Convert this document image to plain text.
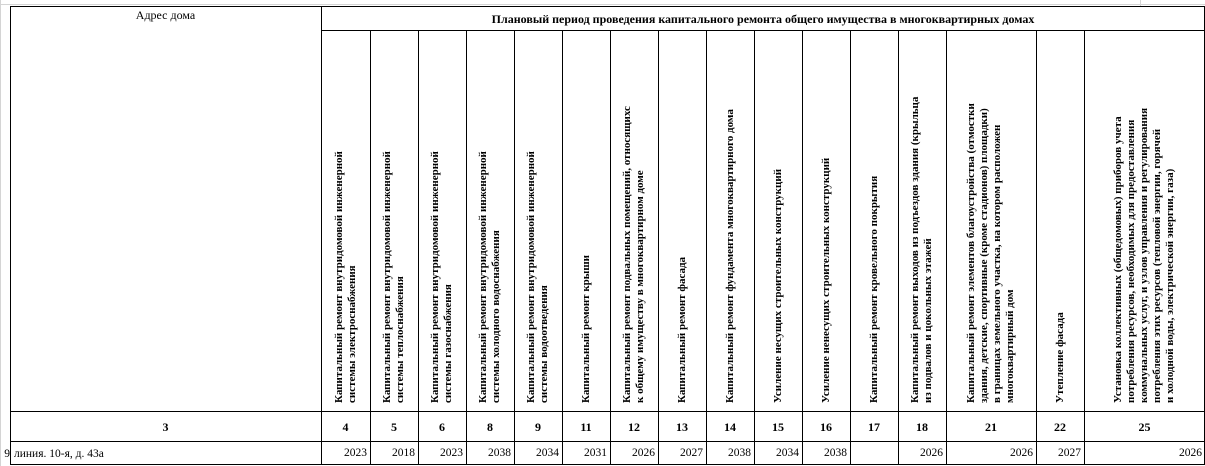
Адрес дома	Плановый период проведения капитального ремонта общего имущества в многоквартирных домах
3
9 линия. 10-я, д. 43а
Капитальный ремонт внутридомовой инженерной системы электроснабжения
4
2023
Капитальный ремонт внутридомовой инженерной системы теплоснабжения
5
2018
Капитальный ремонт внутридомовой инженерной системы газоснабжения
6
2023
Капитальный ремонт внутридомовой инженерной системы холодного водоснабжения
8
2038
Капитальный ремонт внутридомовой инженерной системы водоотведения
9
2034
Капитальный ремонт крыши
11
2031
Капитальный ремонт подвальных помещений, относящихс к общему имуществу в многоквартирном доме
12
2026
Капитальный ремонт фасада
13
2027
Капитальный ремонт фундамента многоквартирного дома
14
2038
Усиление несущих строительных конструкций
15
2034
Усиление ненесущих строительных конструкций
16
2038
Капитальный ремонт кровельного покрытия
17
Капитальный ремонт выходов из подъездов здания (крыльца из подвалов и цокольных этажей
18
2026
Капитальный ремонт элементов благоустройства (отмостки здания, детские, спортивные (кроме стадионов) площадки) в границах земельного участка, на котором расположен многоквартирный дом
21
2026
Утепление фасада
22
2027
Установка коллективных (общедомовых) приборов учета потребления ресурсов, необходимых для предоставления коммунальных услуг, и узлов управления и регулирования потребления этих ресурсов (тепловой энергии, горячей и холодной воды, электрической энергии, газа)
25
2026
